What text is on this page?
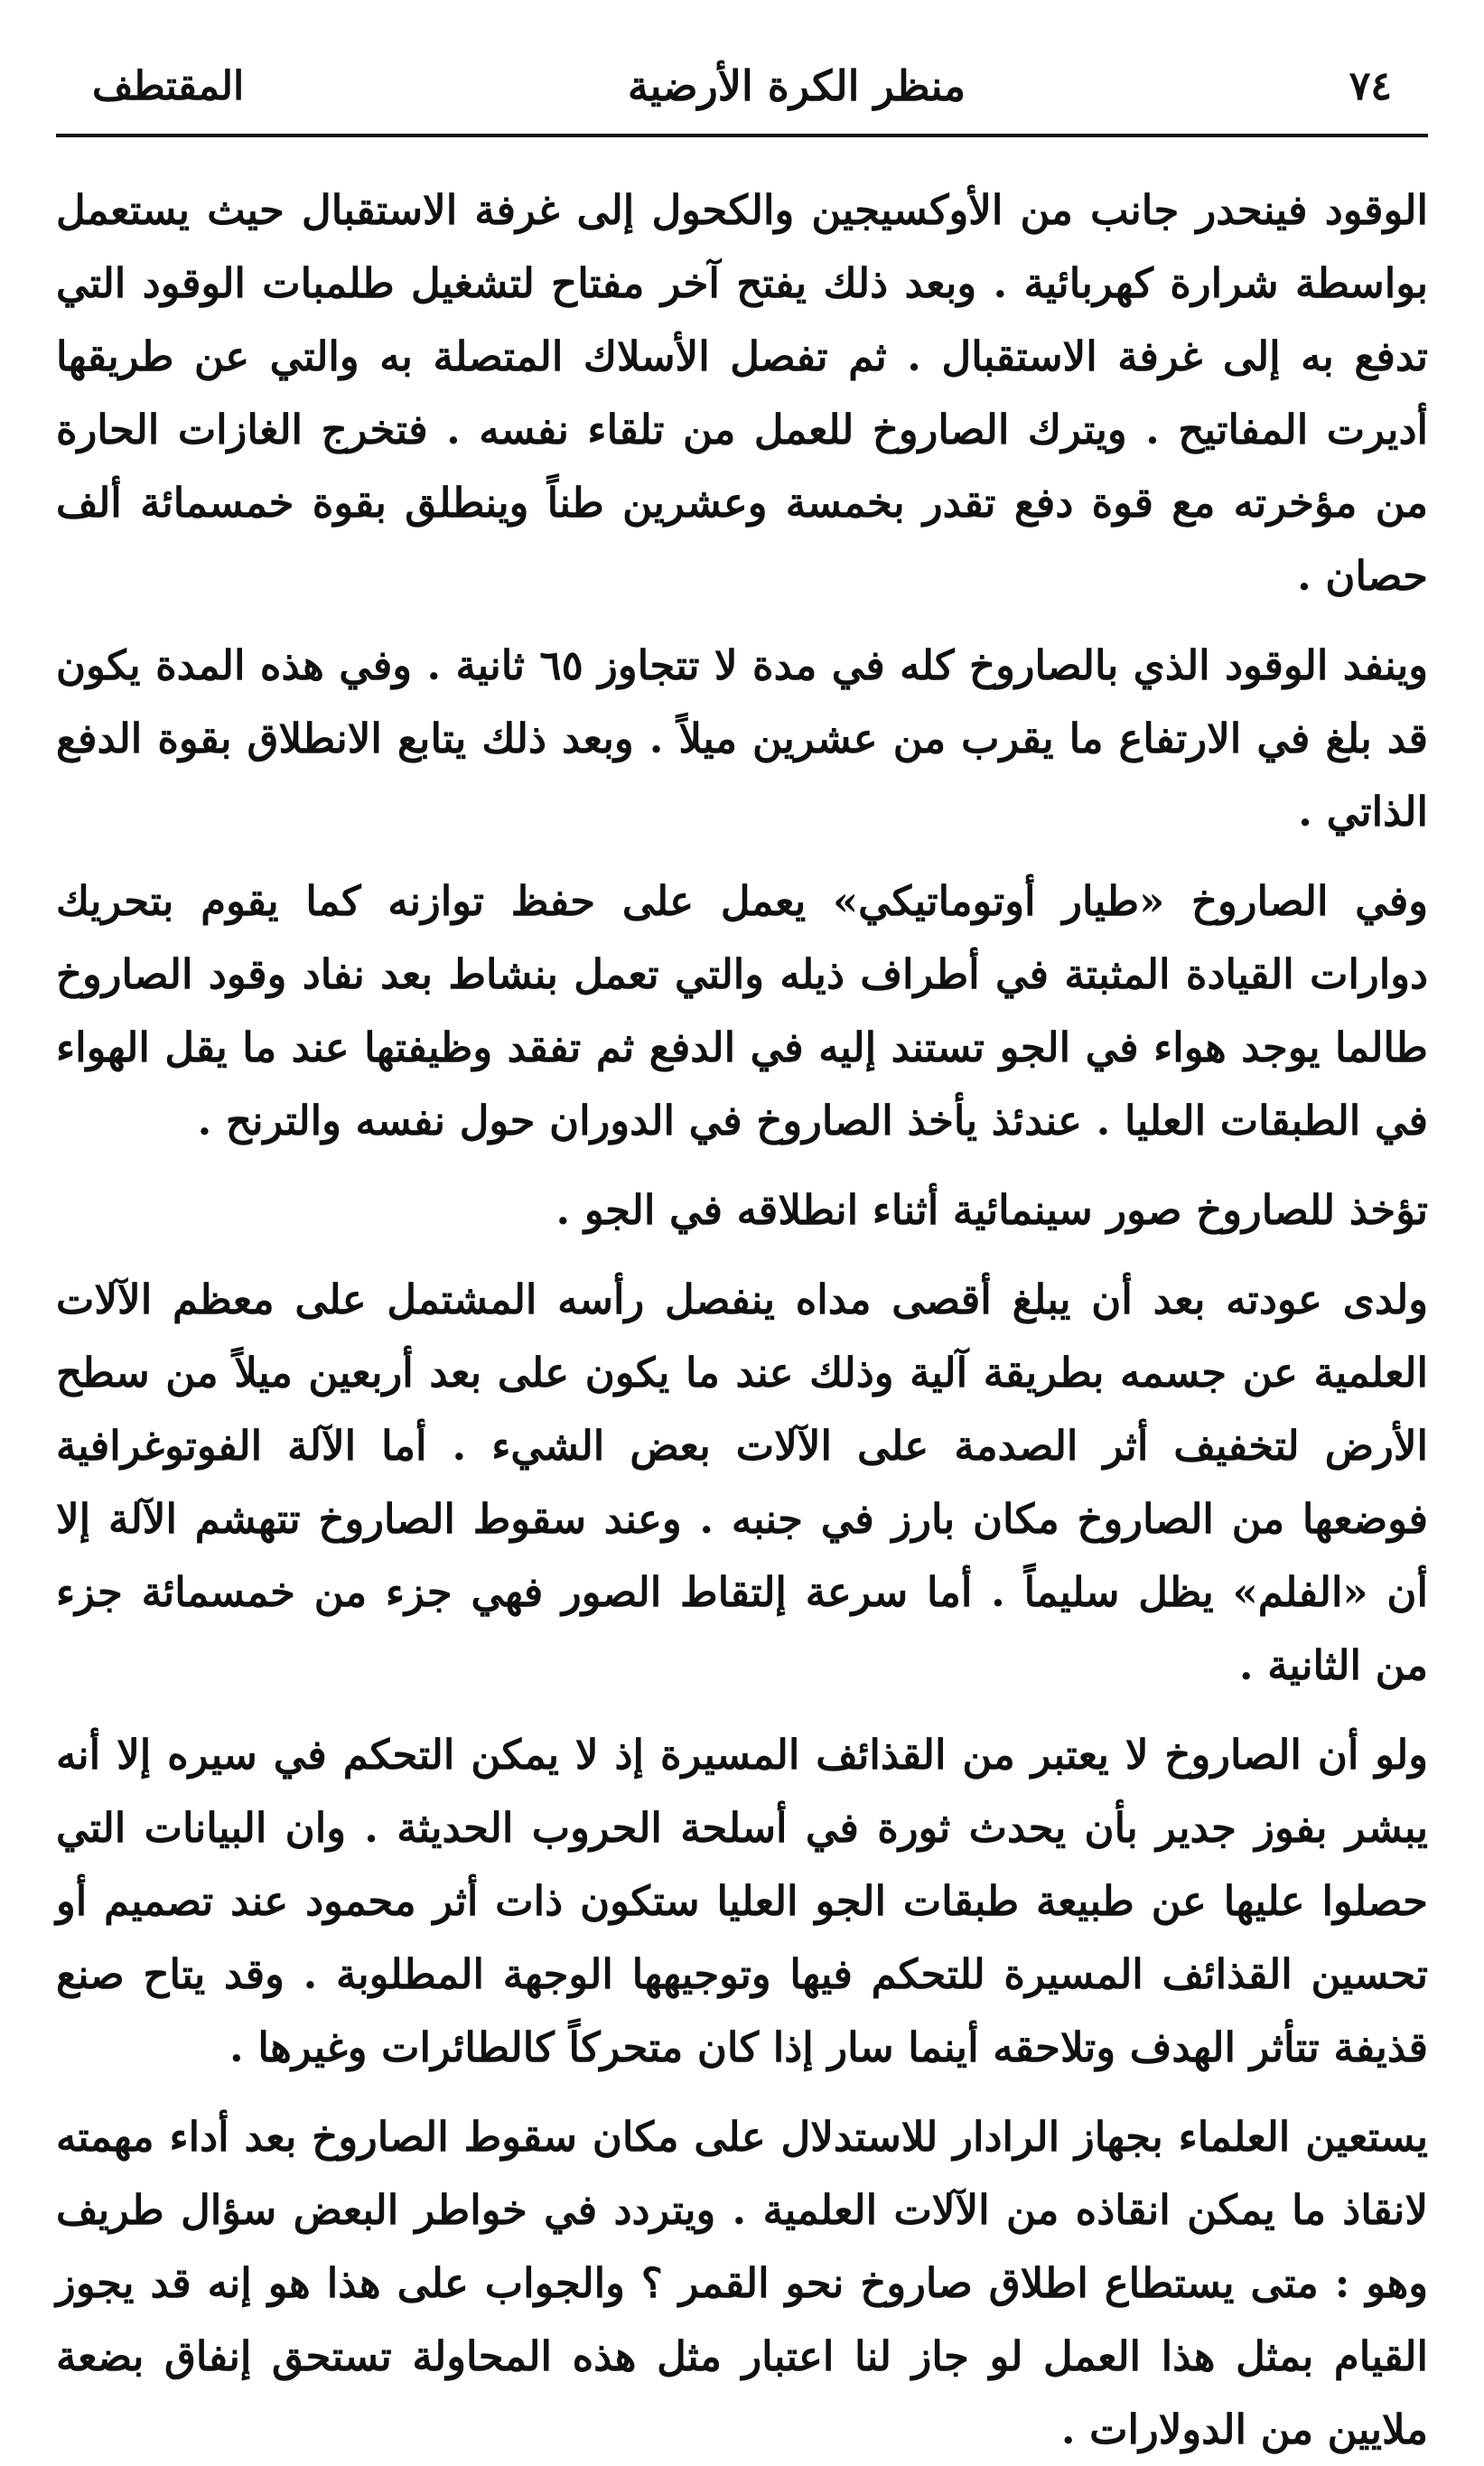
٧٤
منظر الكرة الأرضية
المقتطف

الوقود فينحدر جانب من الأوكسيجين والكحول إلى غرفة الاستقبال حيث يستعمل بواسطة شرارة كهربائية . وبعد ذلك يفتح آخر مفتاح لتشغيل طلمبات الوقود التي تدفع به إلى غرفة الاستقبال . ثم تفصل الأسلاك المتصلة به والتي عن طريقها أديرت المفاتيح . ويترك الصاروخ للعمل من تلقاء نفسه . فتخرج الغازات الحارة من مؤخرته مع قوة دفع تقدر بخمسة وعشرين طناً وينطلق بقوة خمسمائة ألف حصان .

وينفد الوقود الذي بالصاروخ كله في مدة لا تتجاوز ٦٥ ثانية . وفي هذه المدة يكون قد بلغ في الارتفاع ما يقرب من عشرين ميلاً . وبعد ذلك يتابع الانطلاق بقوة الدفع الذاتي .

وفي الصاروخ «طيار أوتوماتيكي» يعمل على حفظ توازنه كما يقوم بتحريك دوارات القيادة المثبتة في أطراف ذيله والتي تعمل بنشاط بعد نفاد وقود الصاروخ طالما يوجد هواء في الجو تستند إليه في الدفع ثم تفقد وظيفتها عند ما يقل الهواء في الطبقات العليا . عندئذ يأخذ الصاروخ في الدوران حول نفسه والترنح .

تؤخذ للصاروخ صور سينمائية أثناء انطلاقه في الجو .

ولدى عودته بعد أن يبلغ أقصى مداه ينفصل رأسه المشتمل على معظم الآلات العلمية عن جسمه بطريقة آلية وذلك عند ما يكون على بعد أربعين ميلاً من سطح الأرض لتخفيف أثر الصدمة على الآلات بعض الشيء . أما الآلة الفوتوغرافية فوضعها من الصاروخ مكان بارز في جنبه . وعند سقوط الصاروخ تتهشم الآلة إلا أن «الفلم» يظل سليماً . أما سرعة إلتقاط الصور فهي جزء من خمسمائة جزء من الثانية .

ولو أن الصاروخ لا يعتبر من القذائف المسيرة إذ لا يمكن التحكم في سيره إلا أنه يبشر بفوز جدير بأن يحدث ثورة في أسلحة الحروب الحديثة . وان البيانات التي حصلوا عليها عن طبيعة طبقات الجو العليا ستكون ذات أثر محمود عند تصميم أو تحسين القذائف المسيرة للتحكم فيها وتوجيهها الوجهة المطلوبة . وقد يتاح صنع قذيفة تتأثر الهدف وتلاحقه أينما سار إذا كان متحركاً كالطائرات وغيرها .

يستعين العلماء بجهاز الرادار للاستدلال على مكان سقوط الصاروخ بعد أداء مهمته لانقاذ ما يمكن انقاذه من الآلات العلمية . ويتردد في خواطر البعض سؤال طريف وهو : متى يستطاع اطلاق صاروخ نحو القمر ؟ والجواب على هذا هو إنه قد يجوز القيام بمثل هذا العمل لو جاز لنا اعتبار مثل هذه المحاولة تستحق إنفاق بضعة ملايين من الدولارات .
